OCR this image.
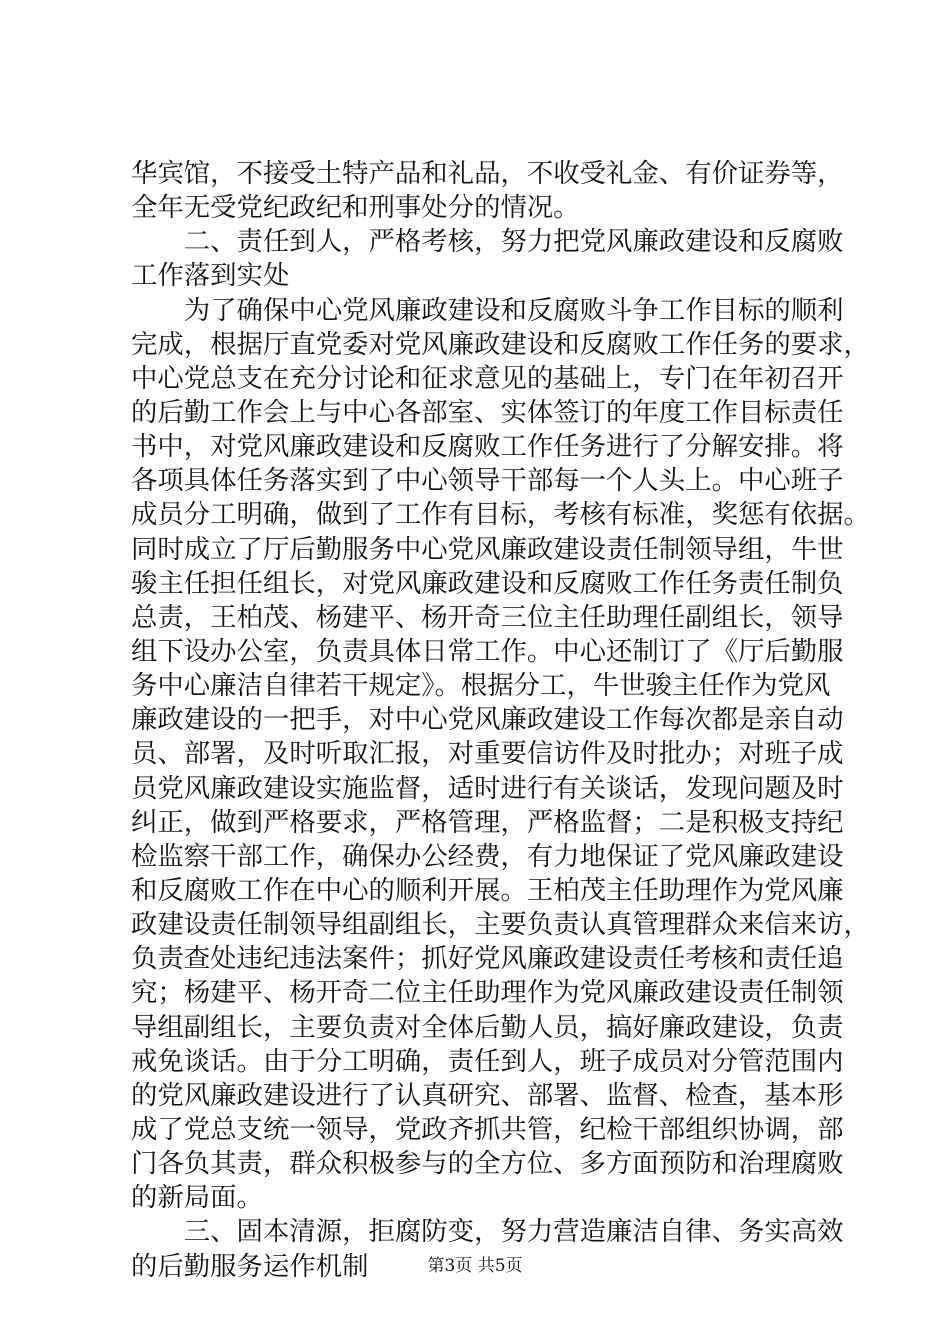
华宾馆，不接受土特产品和礼品，不收受礼金、有价证券等，
全年无受党纪政纪和刑事处分的情况。
　　二、责任到人，严格考核，努力把党风廉政建设和反腐败
工作落到实处
　　为了确保中心党风廉政建设和反腐败斗争工作目标的顺利
完成，根据厅直党委对党风廉政建设和反腐败工作任务的要求，
中心党总支在充分讨论和征求意见的基础上，专门在年初召开
的后勤工作会上与中心各部室、实体签订的年度工作目标责任
书中，对党风廉政建设和反腐败工作任务进行了分解安排。将
各项具体任务落实到了中心领导干部每一个人头上。中心班子
成员分工明确，做到了工作有目标，考核有标准，奖惩有依据。
同时成立了厅后勤服务中心党风廉政建设责任制领导组，牛世
骏主任担任组长，对党风廉政建设和反腐败工作任务责任制负
总责，王柏茂、杨建平、杨开奇三位主任助理任副组长，领导
组下设办公室，负责具体日常工作。中心还制订了《厅后勤服
务中心廉洁自律若干规定》。根据分工，牛世骏主任作为党风
廉政建设的一把手，对中心党风廉政建设工作每次都是亲自动
员、部署，及时听取汇报，对重要信访件及时批办；对班子成
员党风廉政建设实施监督，适时进行有关谈话，发现问题及时
纠正，做到严格要求，严格管理，严格监督；二是积极支持纪
检监察干部工作，确保办公经费，有力地保证了党风廉政建设
和反腐败工作在中心的顺利开展。王柏茂主任助理作为党风廉
政建设责任制领导组副组长，主要负责认真管理群众来信来访，
负责查处违纪违法案件；抓好党风廉政建设责任考核和责任追
究；杨建平、杨开奇二位主任助理作为党风廉政建设责任制领
导组副组长，主要负责对全体后勤人员，搞好廉政建设，负责
戒免谈话。由于分工明确，责任到人，班子成员对分管范围内
的党风廉政建设进行了认真研究、部署、监督、检查，基本形
成了党总支统一领导，党政齐抓共管，纪检干部组织协调，部
门各负其责，群众积极参与的全方位、多方面预防和治理腐败
的新局面。
　　三、固本清源，拒腐防变，努力营造廉洁自律、务实高效
的后勤服务运作机制	第3页 共5页
